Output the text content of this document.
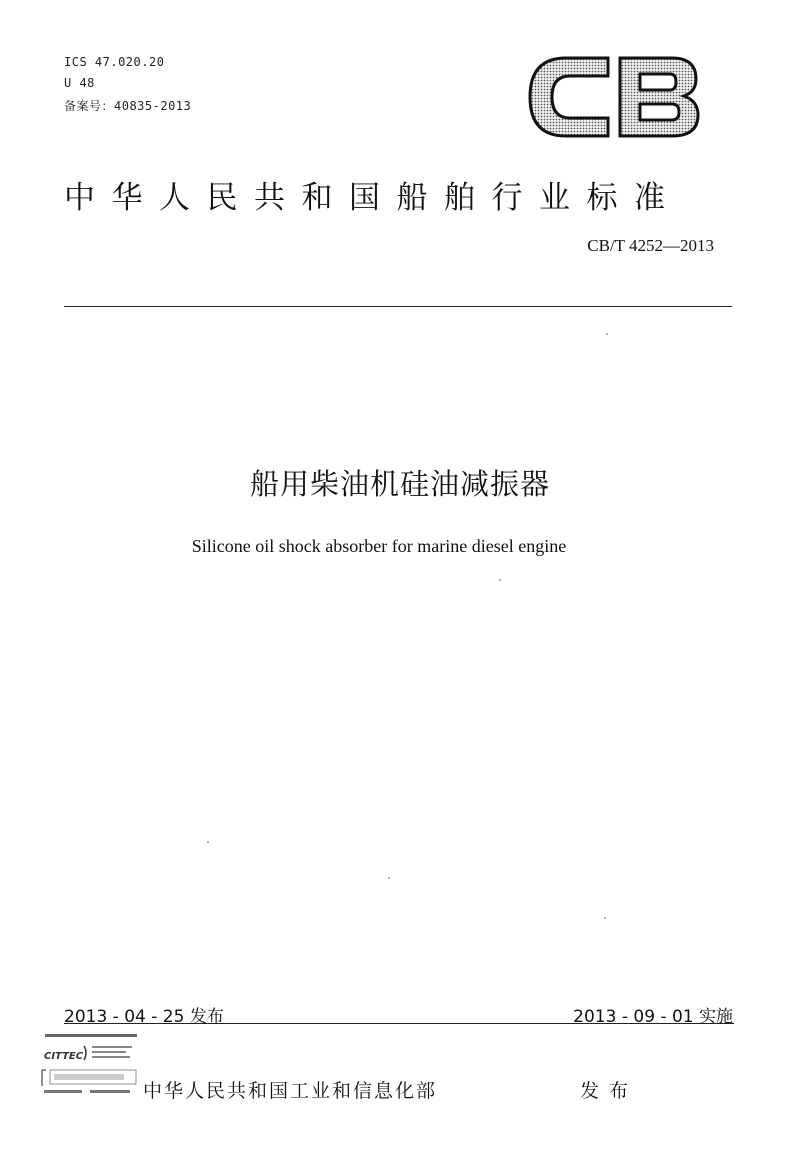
ICS 47.020.20
U 48
备案号：40835-2013
中华人民共和国船舶行业标准
CB/T 4252—2013
船用柴油机硅油减振器
Silicone oil shock absorber for marine diesel engine
2013 - 04 - 25 发布	2013 - 09 - 01 实施
CITTEC
中华人民共和国工业和信息化部	发布
